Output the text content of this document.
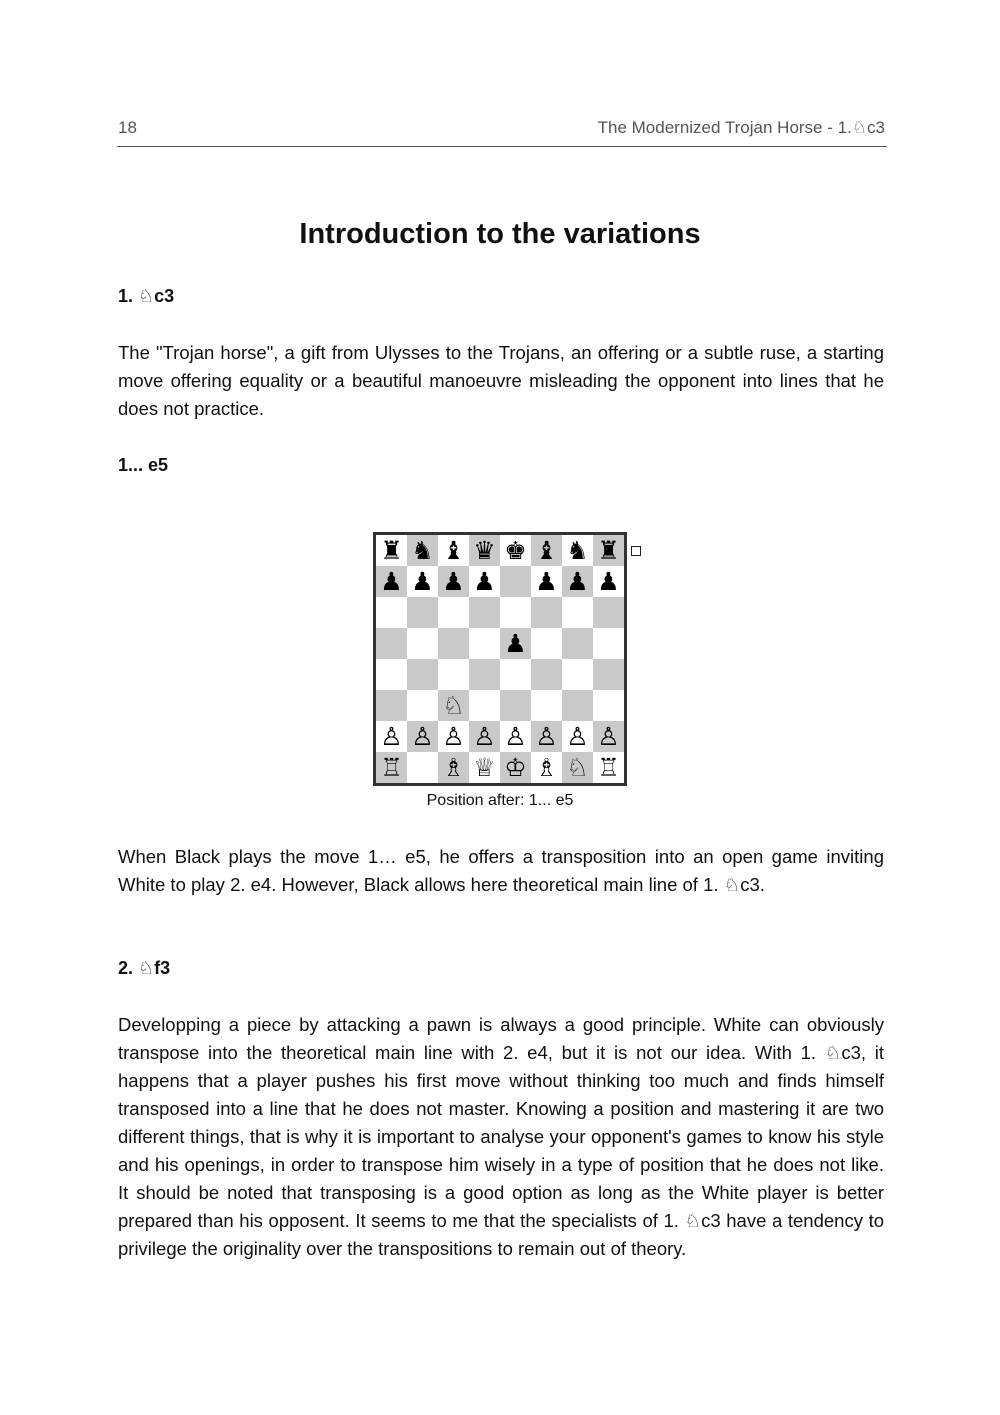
18	The Modernized Trojan Horse - 1.♘c3
Introduction to the variations
1. ♘c3

The "Trojan horse", a gift from Ulysses to the Trojans, an offering or a subtle ruse, a starting move offering equality or a beautiful manoeuvre misleading the opponent into lines that he does not practice.

1... e5
♜ ♞ ♝ ♛ ♚ ♝ ♞ ♜
♟ ♟ ♟ ♟ ♟ ♟ ♟
♟
♘
♙ ♙ ♙ ♙ ♙ ♙ ♙ ♙
♖ ♗ ♕ ♔ ♗ ♘ ♖
Position after: 1... e5

When Black plays the move 1… e5, he offers a transposition into an open game inviting White to play 2. e4. However, Black allows here theoretical main line of 1. ♘c3.

2. ♘f3

Developping a piece by attacking a pawn is always a good principle. White can obviously transpose into the theoretical main line with 2. e4, but it is not our idea. With 1. ♘c3, it happens that a player pushes his first move without thinking too much and finds himself transposed into a line that he does not master. Knowing a position and mastering it are two different things, that is why it is important to analyse your opponent's games to know his style and his openings, in order to transpose him wisely in a type of position that he does not like. It should be noted that transposing is a good option as long as the White player is better prepared than his opposent. It seems to me that the specialists of 1. ♘c3 have a tendency to privilege the originality over the transpositions to remain out of theory.
